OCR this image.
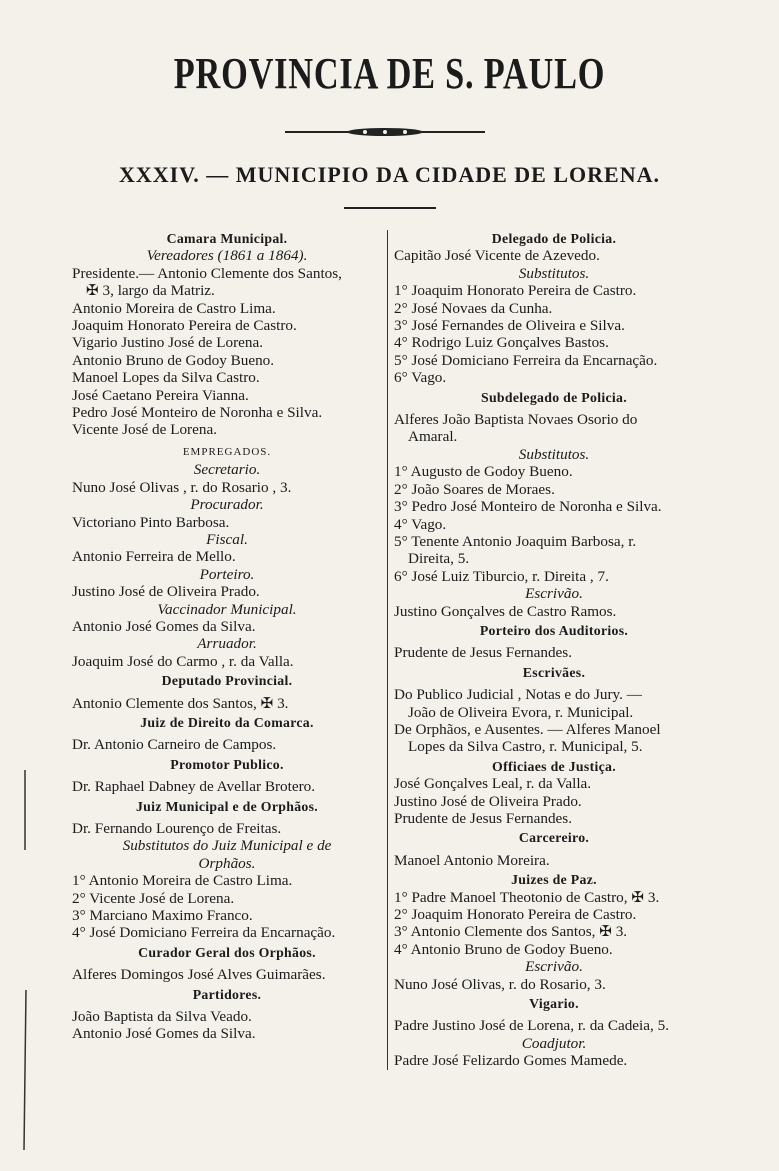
PROVINCIA DE S. PAULO
XXXIV. — MUNICIPIO DA CIDADE DE LORENA.
Camara Municipal.
Vereadores (1861 a 1864).
Presidente.— Antonio Clemente dos Santos,
✠ 3, largo da Matriz.
Antonio Moreira de Castro Lima.
Joaquim Honorato Pereira de Castro.
Vigario Justino José de Lorena.
Antonio Bruno de Godoy Bueno.
Manoel Lopes da Silva Castro.
José Caetano Pereira Vianna.
Pedro José Monteiro de Noronha e Silva.
Vicente José de Lorena.
EMPREGADOS.
Secretario.
Nuno José Olivas , r. do Rosario , 3.
Procurador.
Victoriano Pinto Barbosa.
Fiscal.
Antonio Ferreira de Mello.
Porteiro.
Justino José de Oliveira Prado.
Vaccinador Municipal.
Antonio José Gomes da Silva.
Arruador.
Joaquim José do Carmo , r. da Valla.
Deputado Provincial.
Antonio Clemente dos Santos, ✠ 3.
Juiz de Direito da Comarca.
Dr. Antonio Carneiro de Campos.
Promotor Publico.
Dr. Raphael Dabney de Avellar Brotero.
Juiz Municipal e de Orphãos.
Dr. Fernando Lourenço de Freitas.
Substitutos do Juiz Municipal e de
Orphãos.
1° Antonio Moreira de Castro Lima.
2° Vicente José de Lorena.
3° Marciano Maximo Franco.
4° José Domiciano Ferreira da Encarnação.
Curador Geral dos Orphãos.
Alferes Domingos José Alves Guimarães.
Partidores.
João Baptista da Silva Veado.
Antonio José Gomes da Silva.
Delegado de Policia.
Capitão José Vicente de Azevedo.
Substitutos.
1° Joaquim Honorato Pereira de Castro.
2° José Novaes da Cunha.
3° José Fernandes de Oliveira e Silva.
4° Rodrigo Luiz Gonçalves Bastos.
5° José Domiciano Ferreira da Encarnação.
6° Vago.
Subdelegado de Policia.
Alferes João Baptista Novaes Osorio do
Amaral.
Substitutos.
1° Augusto de Godoy Bueno.
2° João Soares de Moraes.
3° Pedro José Monteiro de Noronha e Silva.
4° Vago.
5° Tenente Antonio Joaquim Barbosa, r.
Direita, 5.
6° José Luiz Tiburcio, r. Direita , 7.
Escrivão.
Justino Gonçalves de Castro Ramos.
Porteiro dos Auditorios.
Prudente de Jesus Fernandes.
Escrivães.
Do Publico Judicial , Notas e do Jury. —
João de Oliveira Evora, r. Municipal.
De Orphãos, e Ausentes. — Alferes Manoel
Lopes da Silva Castro, r. Municipal, 5.
Officiaes de Justiça.
José Gonçalves Leal, r. da Valla.
Justino José de Oliveira Prado.
Prudente de Jesus Fernandes.
Carcereiro.
Manoel Antonio Moreira.
Juizes de Paz.
1° Padre Manoel Theotonio de Castro, ✠ 3.
2° Joaquim Honorato Pereira de Castro.
3° Antonio Clemente dos Santos, ✠ 3.
4° Antonio Bruno de Godoy Bueno.
Escrivão.
Nuno José Olivas, r. do Rosario, 3.
Vigario.
Padre Justino José de Lorena, r. da Cadeia, 5.
Coadjutor.
Padre José Felizardo Gomes Mamede.
